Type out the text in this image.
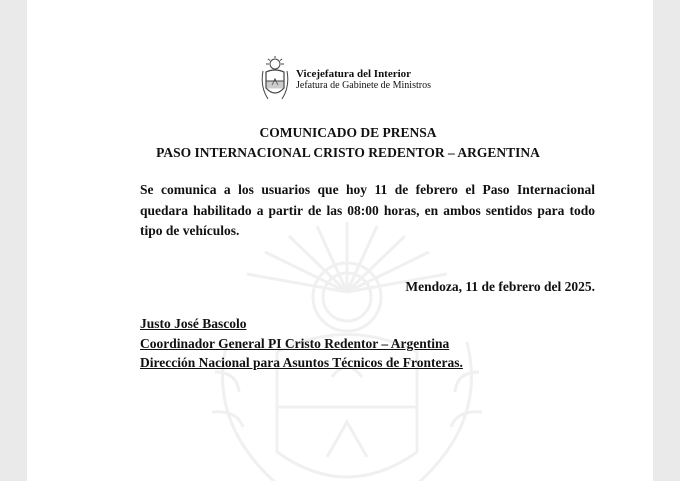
Vicejefatura del Interior
Jefatura de Gabinete de Ministros
COMUNICADO DE PRENSA
PASO INTERNACIONAL CRISTO REDENTOR – ARGENTINA
Se comunica a los usuarios que hoy 11 de febrero el Paso Internacional quedara habilitado a partir de las 08:00 horas, en ambos sentidos para todo tipo de vehículos.
Mendoza, 11 de febrero del 2025.
Justo José Bascolo
Coordinador General PI Cristo Redentor – Argentina
Dirección Nacional para Asuntos Técnicos de Fronteras.
